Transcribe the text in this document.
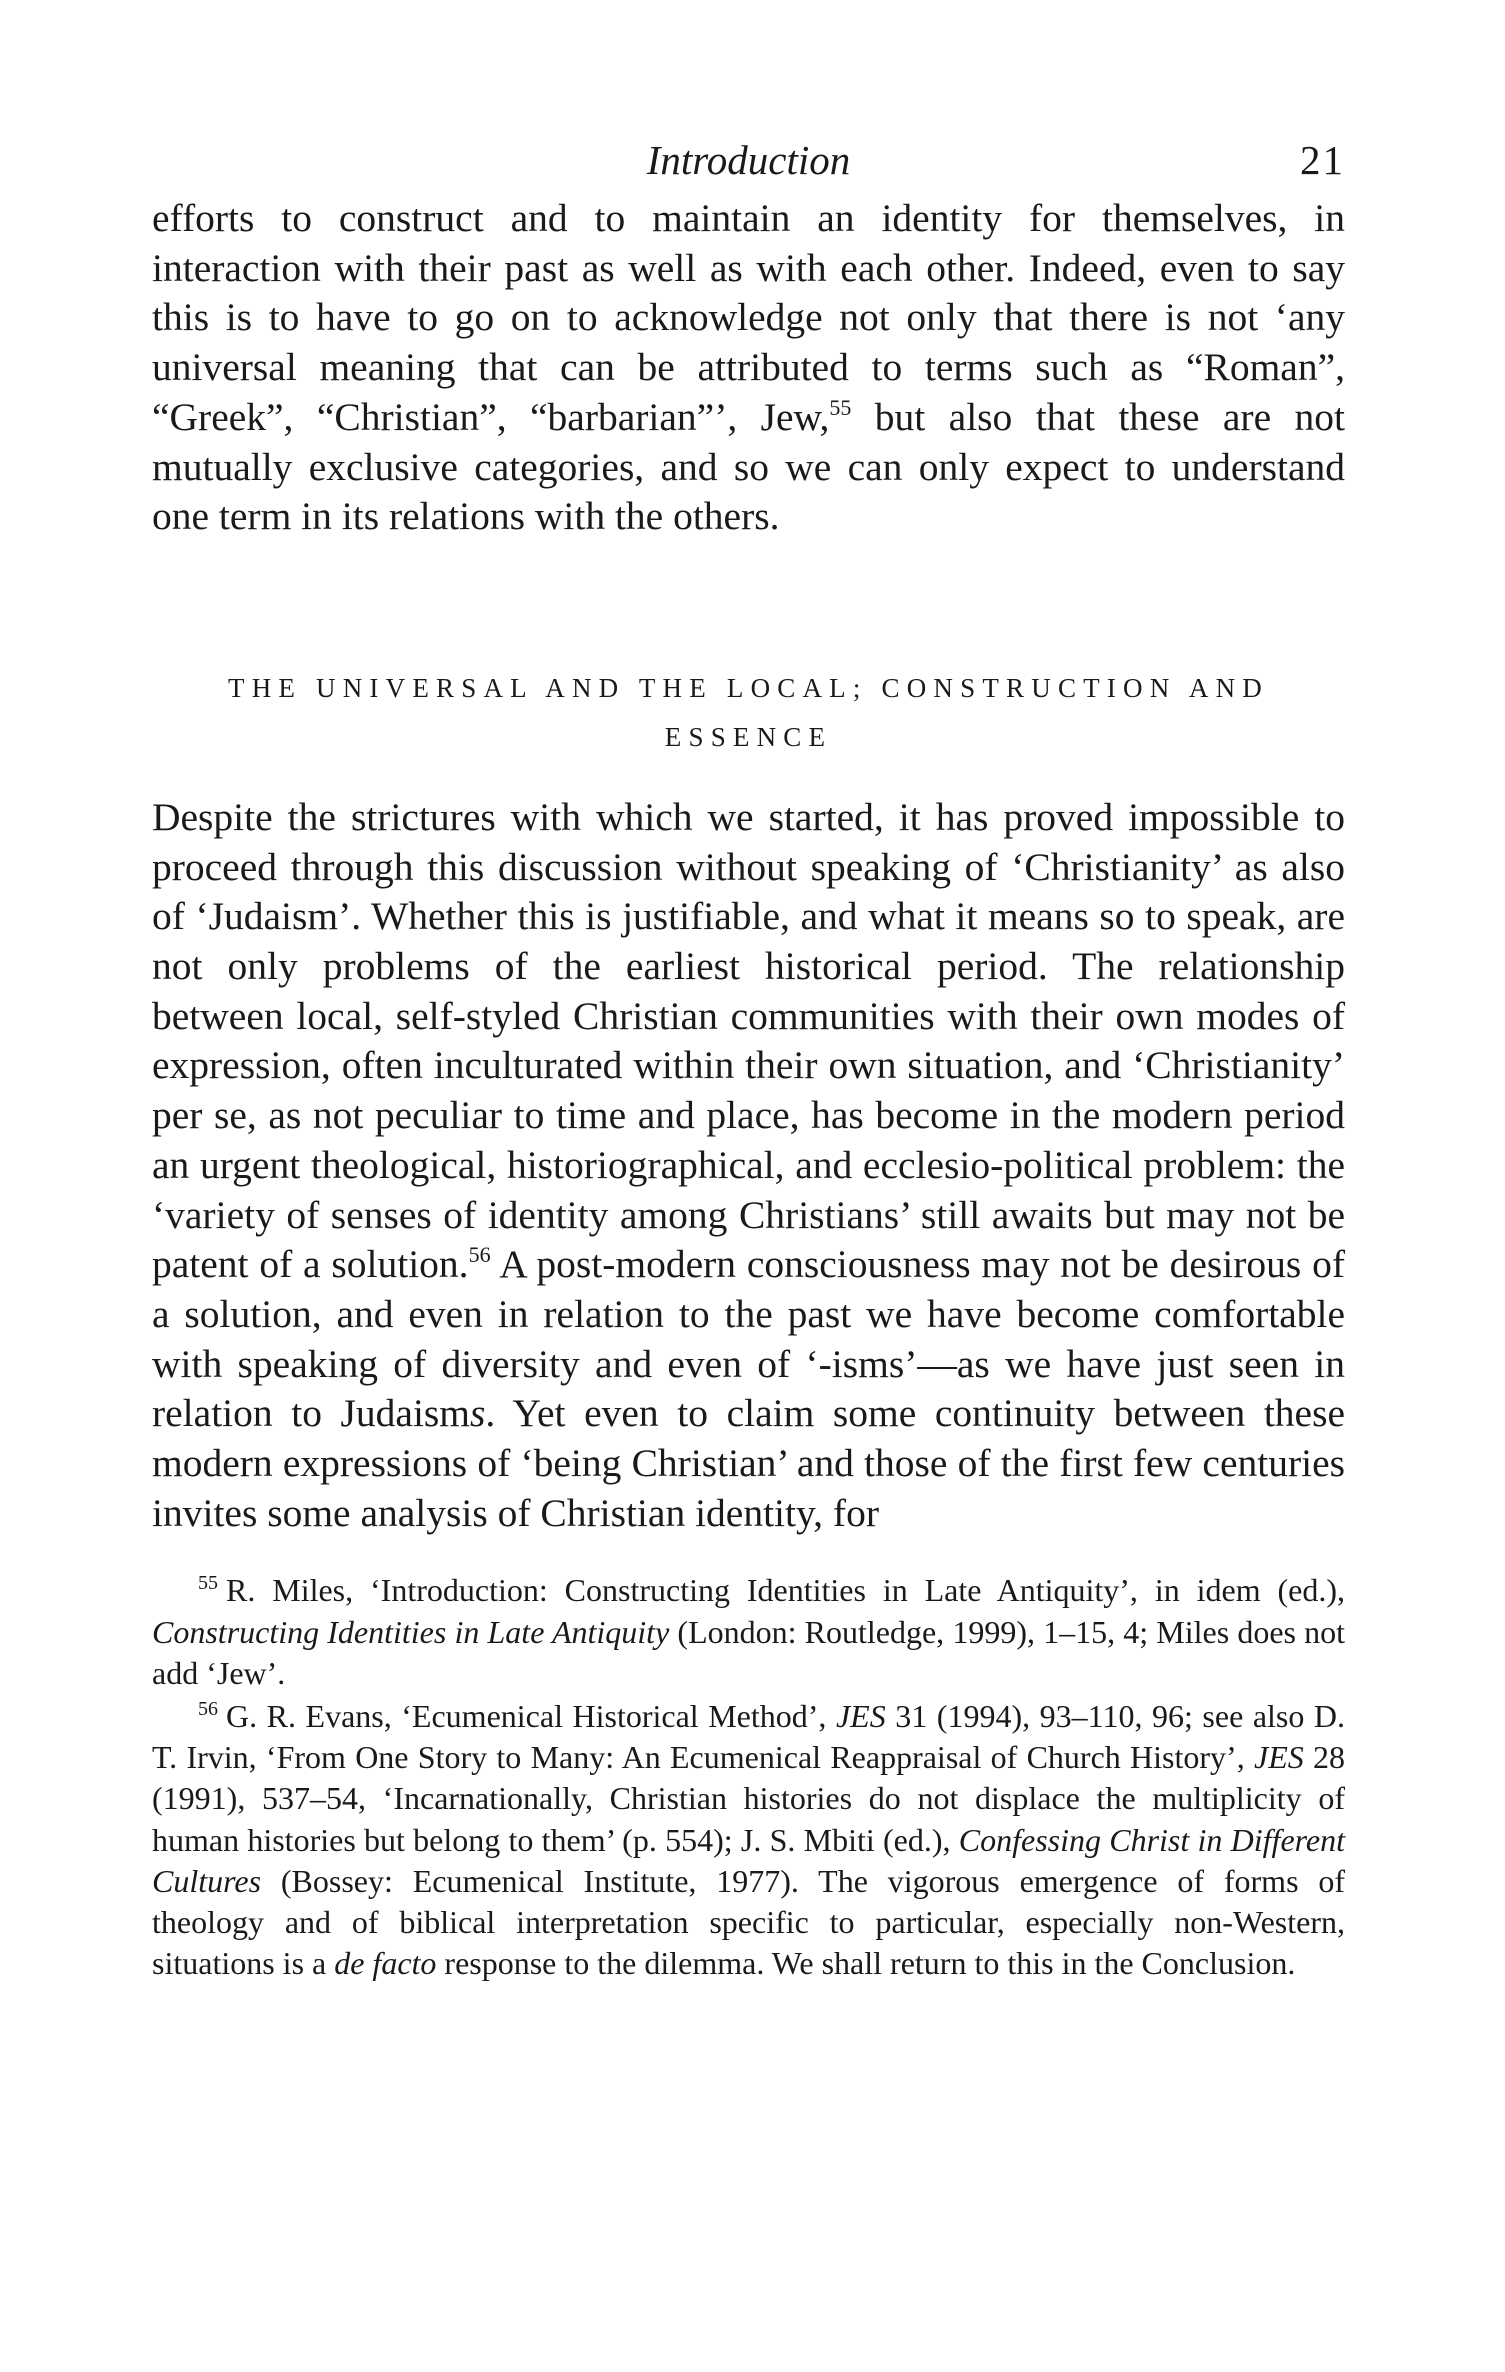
Introduction	21

efforts to construct and to maintain an identity for themselves, in interaction with their past as well as with each other. Indeed, even to say this is to have to go on to acknowledge not only that there is not ‘any universal meaning that can be attributed to terms such as “Roman”, “Greek”, “Christian”, “barbarian”’, Jew,$^{55}$ but also that these are not mutually exclusive categories, and so we can only expect to understand one term in its relations with the others.

THE UNIVERSAL AND THE LOCAL; CONSTRUCTION AND ESSENCE

Despite the strictures with which we started, it has proved impossible to proceed through this discussion without speaking of ‘Christianity’ as also of ‘Judaism’. Whether this is justifiable, and what it means so to speak, are not only problems of the earliest historical period. The relationship between local, self-styled Christian communities with their own modes of expression, often inculturated within their own situation, and ‘Christianity’ per se, as not peculiar to time and place, has become in the modern period an urgent theological, historiographical, and ecclesio-political problem: the ‘variety of senses of identity among Christians’ still awaits but may not be patent of a solution.$^{56}$ A post-modern consciousness may not be desirous of a solution, and even in relation to the past we have become comfortable with speaking of diversity and even of ‘-isms’—as we have just seen in relation to Judaisms. Yet even to claim some continuity between these modern expressions of ‘being Christian’ and those of the first few centuries invites some analysis of Christian identity, for

$^{55}$ R. Miles, ‘Introduction: Constructing Identities in Late Antiquity’, in idem (ed.), Constructing Identities in Late Antiquity (London: Routledge, 1999), 1–15, 4; Miles does not add ‘Jew’.

$^{56}$ G. R. Evans, ‘Ecumenical Historical Method’, JES 31 (1994), 93–110, 96; see also D. T. Irvin, ‘From One Story to Many: An Ecumenical Reappraisal of Church History’, JES 28 (1991), 537–54, ‘Incarnationally, Christian histories do not displace the multiplicity of human histories but belong to them’ (p. 554); J. S. Mbiti (ed.), Confessing Christ in Different Cultures (Bossey: Ecumenical Institute, 1977). The vigorous emergence of forms of theology and of biblical interpretation specific to particular, especially non-Western, situations is a de facto response to the dilemma. We shall return to this in the Conclusion.
